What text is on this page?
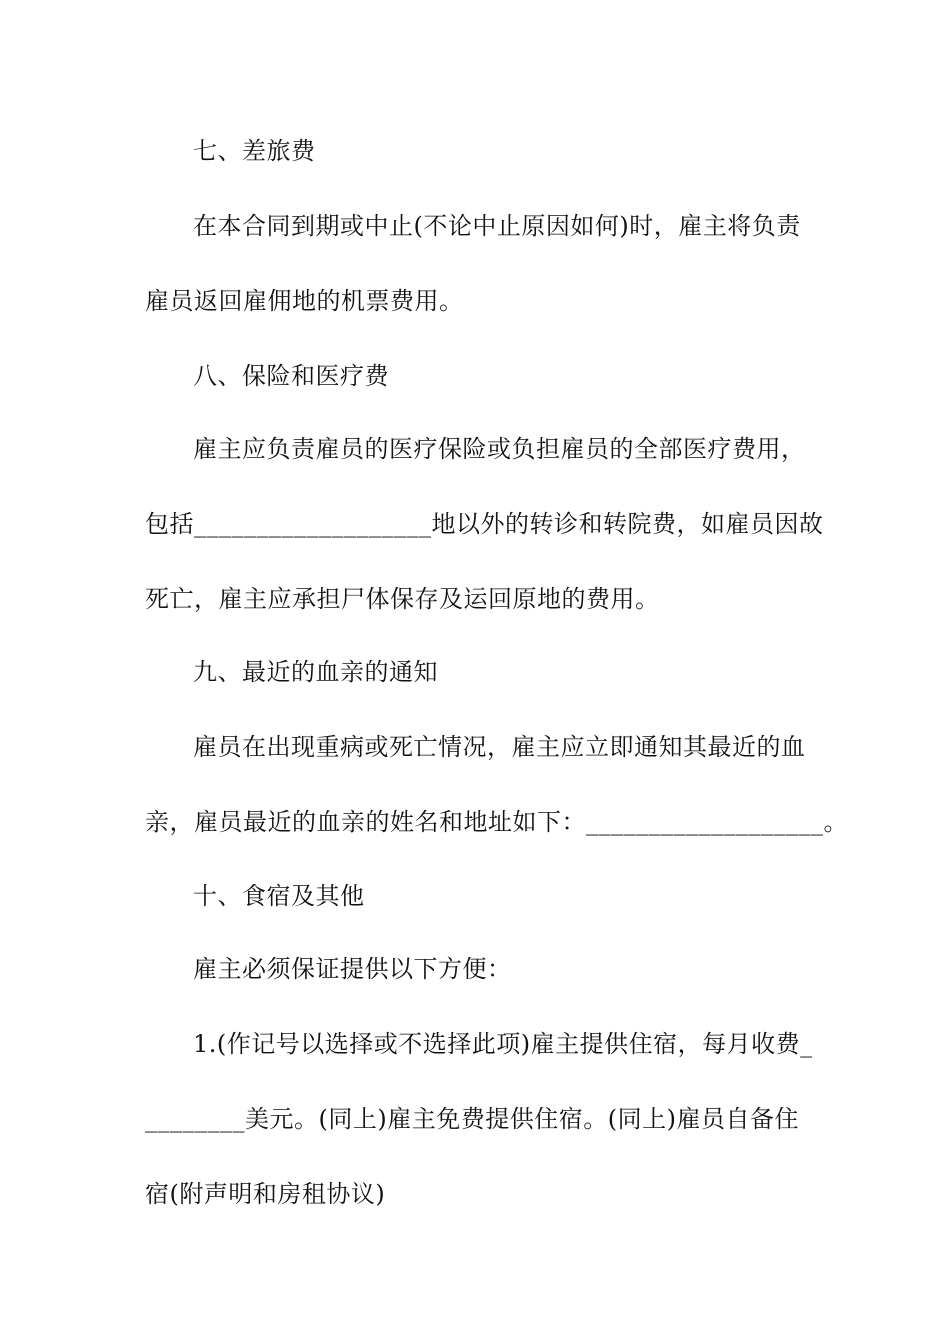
七、差旅费
在本合同到期或中止(不论中止原因如何)时，雇主将负责
雇员返回雇佣地的机票费用。
八、保险和医疗费
雇主应负责雇员的医疗保险或负担雇员的全部医疗费用，
包括___________________地以外的转诊和转院费，如雇员因故
死亡，雇主应承担尸体保存及运回原地的费用。
九、最近的血亲的通知
雇员在出现重病或死亡情况，雇主应立即通知其最近的血
亲，雇员最近的血亲的姓名和地址如下：___________________。
十、食宿及其他
雇主必须保证提供以下方便：
1.(作记号以选择或不选择此项)雇主提供住宿，每月收费_
________美元。(同上)雇主免费提供住宿。(同上)雇员自备住
宿(附声明和房租协议)
